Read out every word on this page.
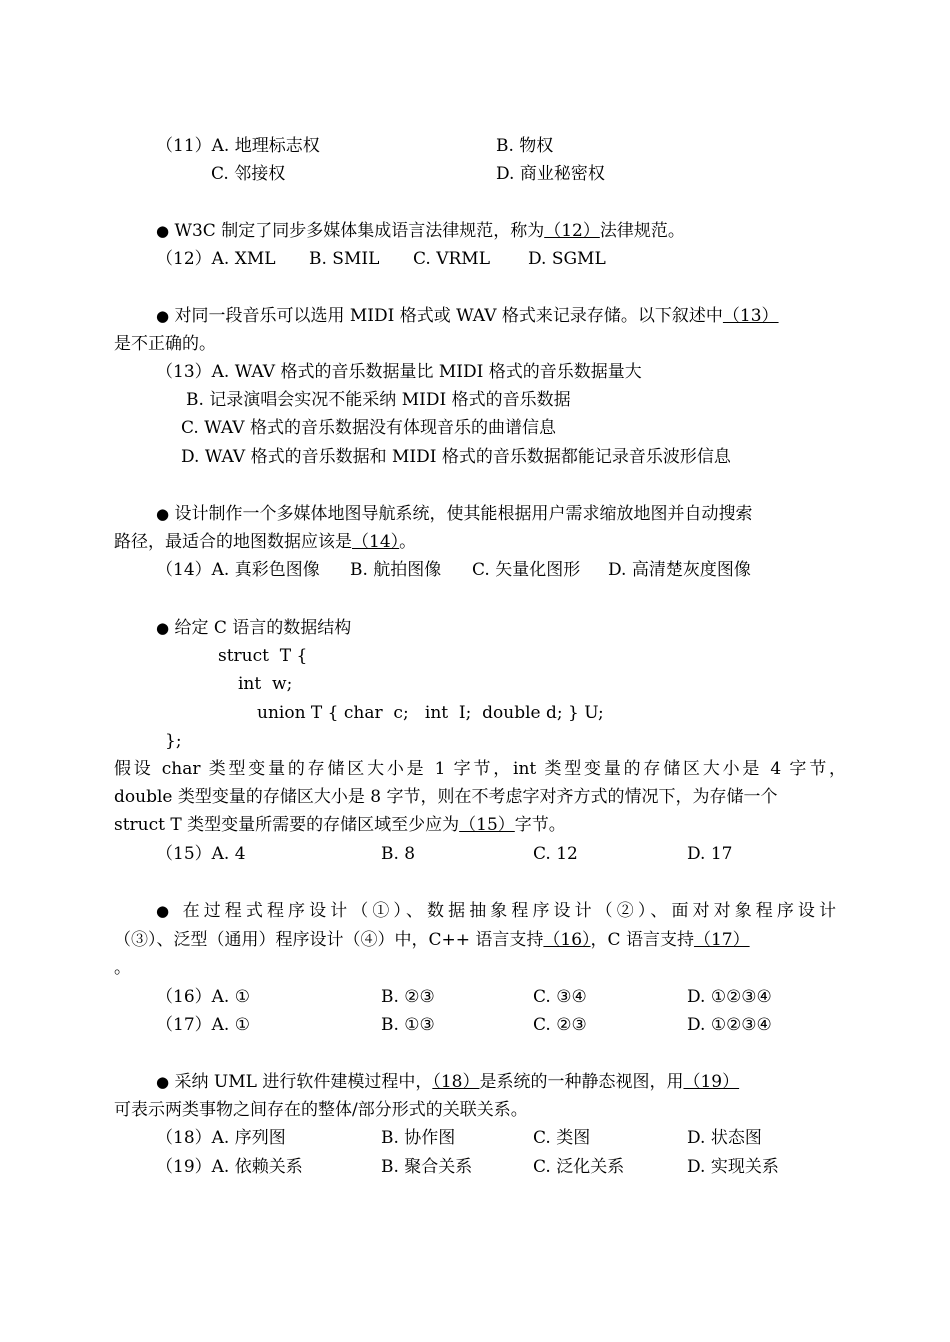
（11）A. 地理标志权	B. 物权
C. 邻接权	D. 商业秘密权
● W3C 制定了同步多媒体集成语言法律规范，称为（12）法律规范。
（12）A. XML B. SMIL C. VRML D. SGML
● 对同一段音乐可以选用 MIDI 格式或 WAV 格式来记录存储。以下叙述中（13）
是不正确的。
（13）A. WAV 格式的音乐数据量比 MIDI 格式的音乐数据量大
B. 记录演唱会实况不能采纳 MIDI 格式的音乐数据
C. WAV 格式的音乐数据没有体现音乐的曲谱信息
D. WAV 格式的音乐数据和 MIDI 格式的音乐数据都能记录音乐波形信息
● 设计制作一个多媒体地图导航系统，使其能根据用户需求缩放地图并自动搜索
路径，最适合的地图数据应该是（14）。
（14）A. 真彩色图像 B. 航拍图像 C. 矢量化图形 D. 高清楚灰度图像
● 给定 C 语言的数据结构
struct  T {
int  w;
union T { char  c;   int  I;  double d; } U;
};
假设 char 类型变量的存储区大小是 1 字节，int 类型变量的存储区大小是 4 字节，
double 类型变量的存储区大小是 8 字节，则在不考虑字对齐方式的情况下，为存储一个
struct T 类型变量所需要的存储区域至少应为（15）字节。
（15）A. 4	B. 8	C. 12	D. 17
● 在过程式程序设计（①）、数据抽象程序设计（②）、面对对象程序设计
（③）、泛型（通用）程序设计（④）中，C++ 语言支持（16），C 语言支持（17）
。
（16）A. ①	B. ②③	C. ③④	D. ①②③④
（17）A. ①	B. ①③	C. ②③	D. ①②③④
● 采纳 UML 进行软件建模过程中，（18）是系统的一种静态视图，用（19）
可表示两类事物之间存在的整体/部分形式的关联关系。
（18）A. 序列图	B. 协作图	C. 类图	D. 状态图
（19）A. 依赖关系	B. 聚合关系	C. 泛化关系	D. 实现关系
